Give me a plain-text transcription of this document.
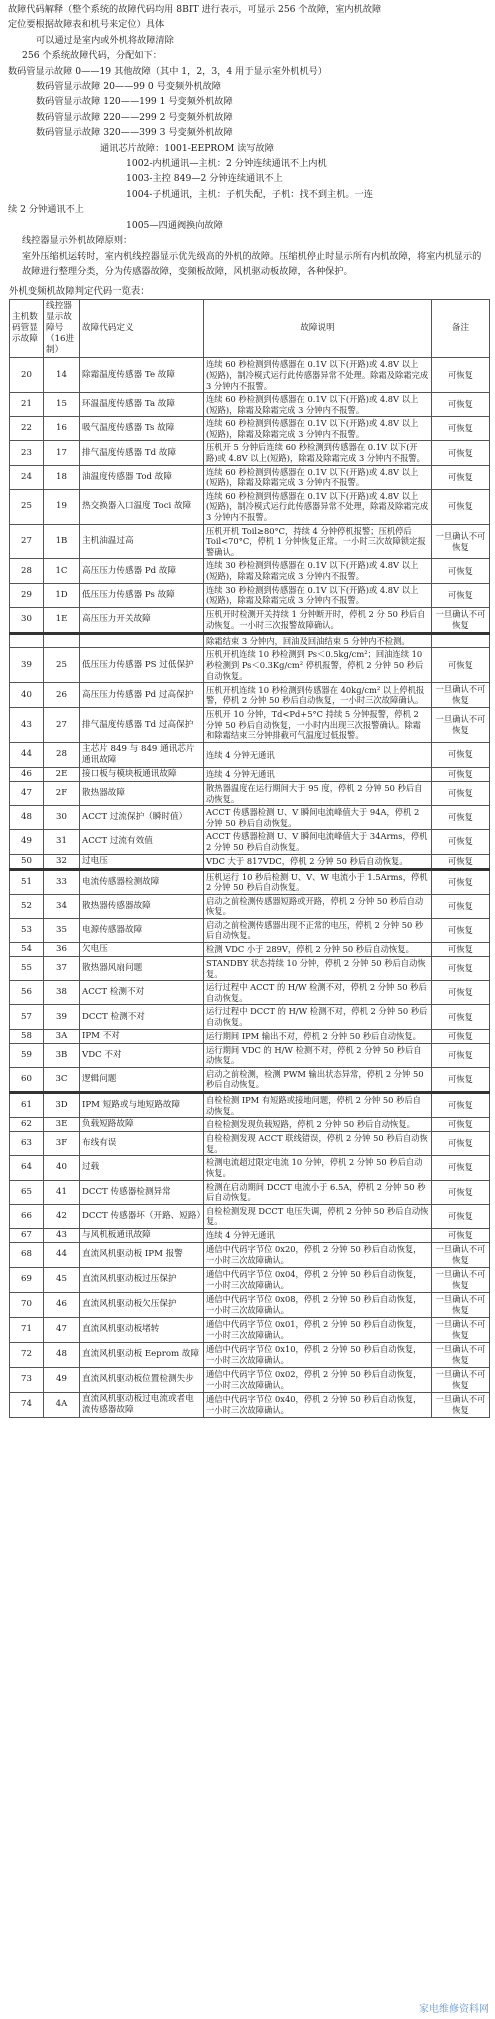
故障代码解释（整个系统的故障代码均用 8BIT 进行表示，可显示 256 个故障，室内机故障
定位要根据故障表和机号来定位）具体
可以通过是室内或外机将故障清除
256 个系统故障代码，分配如下：
数码管显示故障 0——19 其他故障（其中 1，2，3，4 用于显示室外机机号）
数码管显示故障 20——99 0 号变频外机故障
数码管显示故障 120——199 1 号变频外机故障
数码管显示故障 220——299 2 号变频外机故障
数码管显示故障 320——399 3 号变频外机故障
通讯芯片故障：1001-EEPROM 读写故障
1002-内机通讯—主机：2 分钟连续通讯不上内机
1003-主控 849—2 分钟连续通讯不上
1004-子机通讯，主机：子机失配，子机：找不到主机。一连
续 2 分钟通讯不上
1005—四通阀换向故障
线控器显示外机故障原则：
室外压缩机运转时，室内机线控器显示优先级高的外机的故障。压缩机停止时显示所有内机故障，将室内机显示的故障进行整理分类，分为传感器故障，变频板故障，风机驱动板故障，各种保护。
外机变频机故障判定代码一览表：
主机数码管显示故障	线控器显示故障号（16进制）	故障代码定义	故障说明	备注
20	14	除霜温度传感器 Te 故障	连续 60 秒检测到传感器在 0.1V 以下(开路)或 4.8V 以上(短路)，制冷模式运行此传感器异常不处理。除霜及除霜完成 3 分钟内不报警。	可恢复
21	15	环温温度传感器 Ta 故障	连续 60 秒检测到传感器在 0.1V 以下(开路)或 4.8V 以上(短路)，除霜及除霜完成 3 分钟内不报警。	可恢复
22	16	吸气温度传感器 Ts 故障	连续 60 秒检测到传感器在 0.1V 以下(开路)或 4.8V 以上(短路)，除霜及除霜完成 3 分钟内不报警。	可恢复
23	17	排气温度传感器 Td 故障	压机开 5 分钟后连续 60 秒检测到传感器在 0.1V 以下(开路)或 4.8V 以上(短路)，除霜及除霜完成 3 分钟内不报警。	可恢复
24	18	油温度传感器 Tod 故障	连续 60 秒检测到传感器在 0.1V 以下(开路)或 4.8V 以上(短路)，除霜及除霜完成 3 分钟内不报警。	可恢复
25	19	热交换器入口温度 Toci 故障	连续 60 秒检测到传感器在 0.1V 以下(开路)或 4.8V 以上(短路)，制冷模式运行此传感器异常不处理，除霜及除霜完成 3 分钟内不报警。	可恢复
27	1B	主机油温过高	压机开机 Toil≥80°C，持续 4 分钟停机报警；压机停后 Toil<70°C，停机 1 分钟恢复正常。一小时三次故障锁定报警确认。	一旦确认不可恢复
28	1C	高压压力传感器 Pd 故障	连续 30 秒检测到传感器在 0.1V 以下(开路)或 4.8V 以上(短路)，除霜及除霜完成 3 分钟内不报警。	可恢复
29	1D	低压压力传感器 Ps 故障	连续 30 秒检测到传感器在 0.1V 以下(开路)或 4.8V 以上(短路)，除霜及除霜完成 3 分钟内不报警。	可恢复
30	1E	高压压力开关故障	压机开时检测开关持续 1 分钟断开时，停机 2 分 50 秒后自动恢复。一小时三次报警故障确认。	一旦确认不可恢复
			除霜结束 3 分钟内，回油及回油结束 5 分钟内不检测。	
39	25	低压压力传感器 PS 过低保护	压机开机连续 10 秒检测到 Ps＜0.5kg/cm²；回油连续 10 秒检测到 Ps＜0.3Kg/cm² 停机报警，停机 2 分钟 50 秒后自动恢复。	可恢复
40	26	高压压力传感器 Pd 过高保护	压机开机连续 10 秒检测到传感器在 40kg/cm² 以上停机报警，停机 2 分钟 50 秒后自动恢复，一小时三次故障确认。	一旦确认不可恢复
43	27	排气温度传感器 Td 过高保护	压机开 10 分钟，Td<Pd+5°C 持续 5 分钟报警，停机 2 分钟 50 秒后自动恢复，一小时内出现三次报警确认。除霜和除霜结束三分钟排截可气温度过低报警。	一旦确认不可恢复
44	28	主芯片 849 与 849 通讯芯片通讯故障	连续 4 分钟无通讯	可恢复
46	2E	接口板与模块板通讯故障	连续 4 分钟无通讯	可恢复
47	2F	散热器故障	散热器温度在运行期间大于 95 度，停机 2 分钟 50 秒后自动恢复。	可恢复
48	30	ACCT 过流保护（瞬时值）	ACCT 传感器检测 U、V 瞬间电流峰值大于 94A，停机 2 分钟 50 秒后自动恢复。	可恢复
49	31	ACCT 过流有效值	ACCT 传感器检测 U、V 瞬间电流峰值大于 34Arms，停机 2 分钟 50 秒后自动恢复。	可恢复
50	32	过电压	VDC 大于 817VDC，停机 2 分钟 50 秒后自动恢复。	可恢复
51	33	电流传感器检测故障	压机运行 10 秒后检测 U、V、W 电流小于 1.5Arms，停机 2 分钟 50 秒后自动恢复。	可恢复
52	34	散热器传感器故障	启动之前检测传感器短路或开路，停机 2 分钟 50 秒后自动恢复。	可恢复
53	35	电源传感器故障	启动之前检测传感器出现不正常的电压，停机 2 分钟 50 秒后自动恢复。	可恢复
54	36	欠电压	检测 VDC 小于 289V，停机 2 分钟 50 秒后自动恢复。	可恢复
55	37	散热器风扇问题	STANDBY 状态持续 10 分钟，停机 2 分钟 50 秒后自动恢复。	可恢复
56	38	ACCT 检测不对	运行过程中 ACCT 的 H/W 检测不对，停机 2 分钟 50 秒后自动恢复。	可恢复
57	39	DCCT 检测不对	运行过程中 DCCT 的 H/W 检测不对，停机 2 分钟 50 秒后自动恢复。	可恢复
58	3A	IPM 不对	运行期间 IPM 输出不对，停机 2 分钟 50 秒后自动恢复。	可恢复
59	3B	VDC 不对	运行期间 VDC 的 H/W 检测不对，停机 2 分钟 50 秒后自动恢复。	可恢复
60	3C	逻辑问题	启动之前检测，检测 PWM 输出状态异常，停机 2 分钟 50 秒后自动恢复。	可恢复
61	3D	IPM 短路或与地短路故障	自检检测 IPM 有短路或接地问题，停机 2 分钟 50 秒后自动恢复。	可恢复
62	3E	负载短路故障	自检检测发现负载短路，停机 2 分钟 50 秒后自动恢复。	可恢复
63	3F	布线有误	自检检测发现 ACCT 联线错误，停机 2 分钟 50 秒后自动恢复。	可恢复
64	40	过载	检测电流超过限定电流 10 分钟，停机 2 分钟 50 秒后自动恢复。	可恢复
65	41	DCCT 传感器检测异常	检测在启动期间 DCCT 电流小于 6.5A，停机 2 分钟 50 秒后自动恢复。	可恢复
66	42	DCCT 传感器坏（开路、短路）	自检检测发现 DCCT 电压失调，停机 2 分钟 50 秒后自动恢复。	可恢复
67	43	与风机板通讯故障	连续 4 分钟无通讯	可恢复
68	44	直流风机驱动板 IPM 报警	通信中代码字节位 0x20，停机 2 分钟 50 秒后自动恢复，一小时三次故障确认。	一旦确认不可恢复
69	45	直流风机驱动板过压保护	通信中代码字节位 0x04，停机 2 分钟 50 秒后自动恢复，一小时三次故障确认。	一旦确认不可恢复
70	46	直流风机驱动板欠压保护	通信中代码字节位 0x08，停机 2 分钟 50 秒后自动恢复，一小时三次故障确认。	一旦确认不可恢复
71	47	直流风机驱动板堵转	通信中代码字节位 0x01，停机 2 分钟 50 秒后自动恢复，一小时三次故障确认。	一旦确认不可恢复
72	48	直流风机驱动板 Eeprom 故障	通信中代码字节位 0x10，停机 2 分钟 50 秒后自动恢复，一小时三次故障确认。	一旦确认不可恢复
73	49	直流风机驱动板位置检测失步	通信中代码字节位 0x02，停机 2 分钟 50 秒后自动恢复，一小时三次故障确认。	一旦确认不可恢复
74	4A	直流风机驱动板过电流或者电流传感器故障	通信中代码字节位 0x40，停机 2 分钟 50 秒后自动恢复，一小时三次故障确认。	一旦确认不可恢复
家电维修资料网
